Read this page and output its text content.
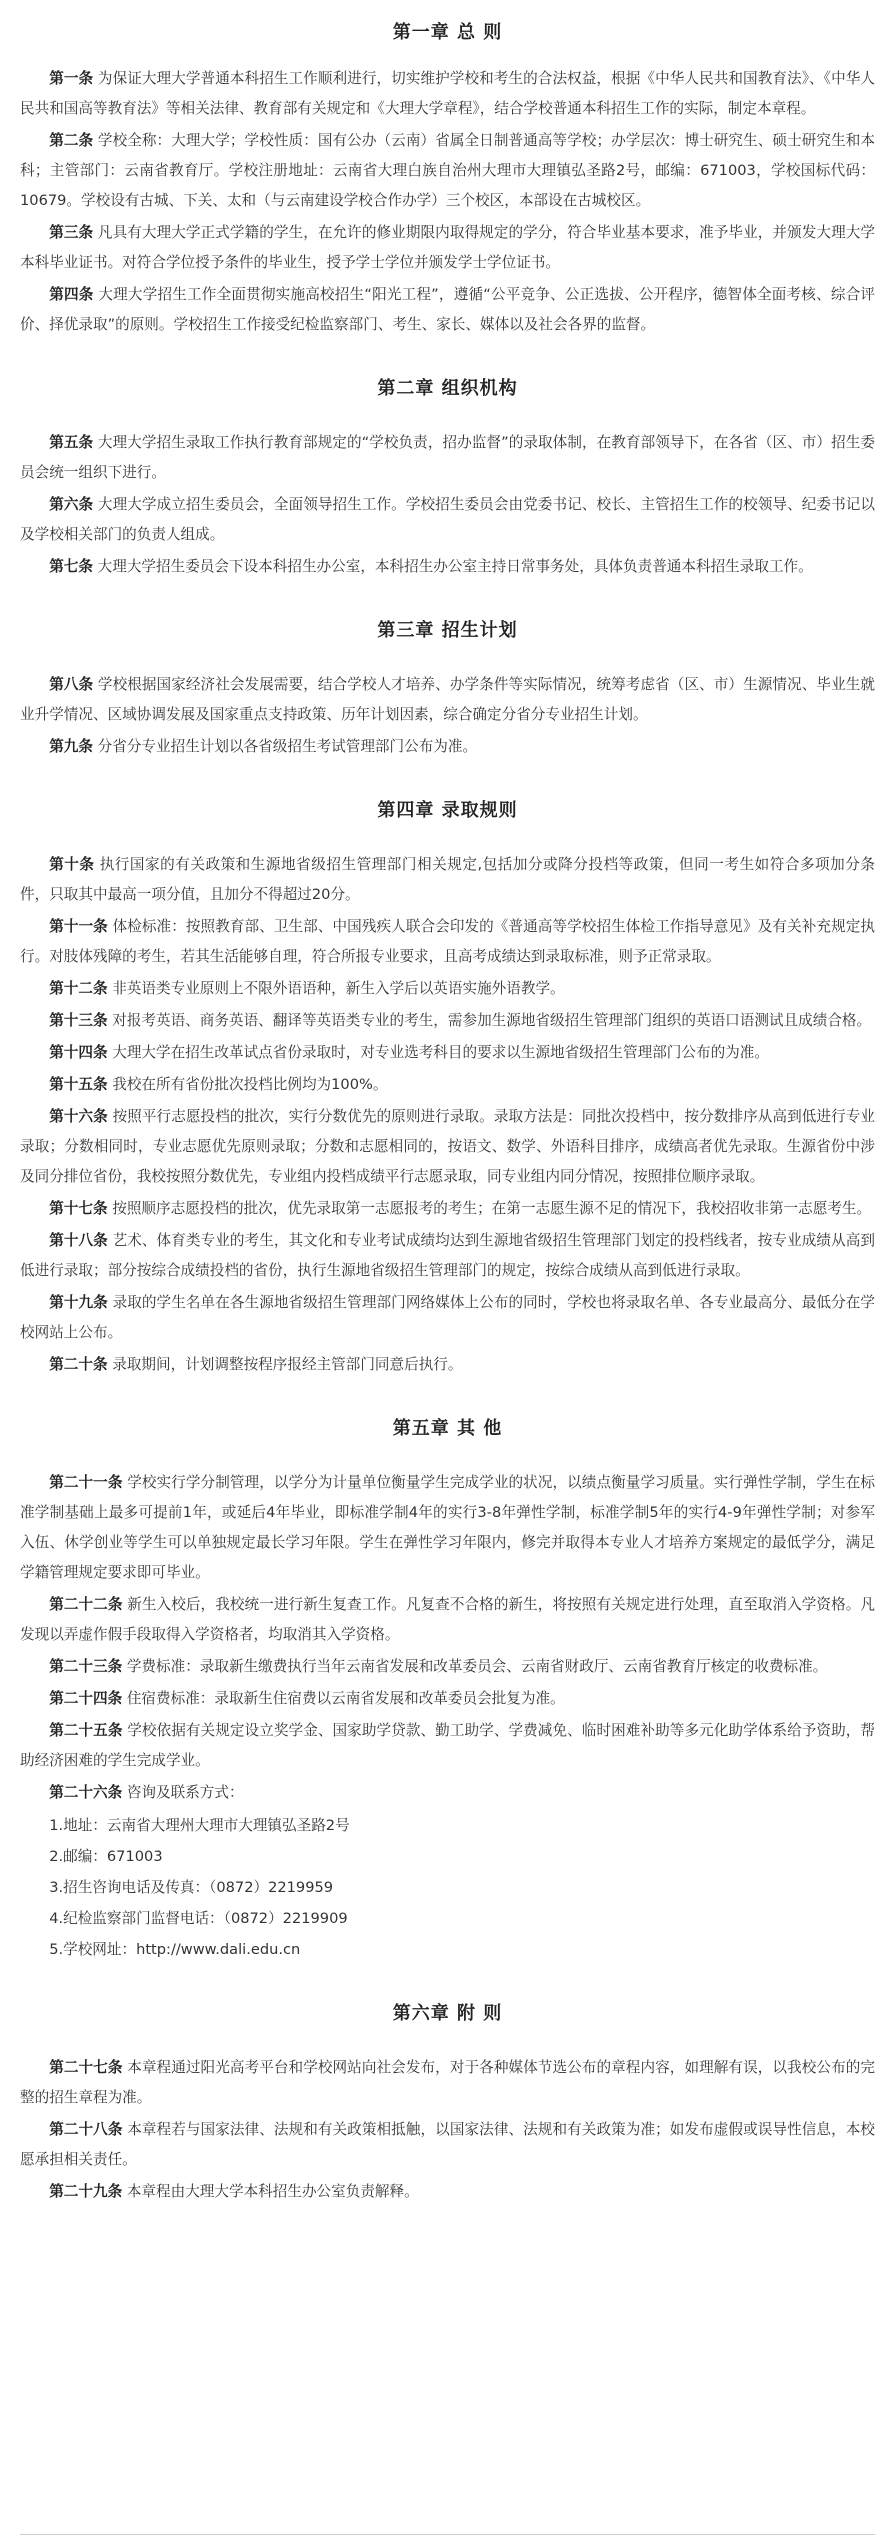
第一章 总 则

第一条 为保证大理大学普通本科招生工作顺利进行，切实维护学校和考生的合法权益，根据《中华人民共和国教育法》、《中华人民共和国高等教育法》等相关法律、教育部有关规定和《大理大学章程》，结合学校普通本科招生工作的实际，制定本章程。

第二条 学校全称：大理大学；学校性质：国有公办（云南）省属全日制普通高等学校；办学层次：博士研究生、硕士研究生和本科；主管部门：云南省教育厅。学校注册地址：云南省大理白族自治州大理市大理镇弘圣路2号，邮编：671003，学校国标代码：10679。学校设有古城、下关、太和（与云南建设学校合作办学）三个校区，本部设在古城校区。

第三条 凡具有大理大学正式学籍的学生，在允许的修业期限内取得规定的学分，符合毕业基本要求，准予毕业，并颁发大理大学本科毕业证书。对符合学位授予条件的毕业生，授予学士学位并颁发学士学位证书。

第四条 大理大学招生工作全面贯彻实施高校招生“阳光工程”，遵循“公平竞争、公正选拔、公开程序，德智体全面考核、综合评价、择优录取”的原则。学校招生工作接受纪检监察部门、考生、家长、媒体以及社会各界的监督。

第二章 组织机构

第五条 大理大学招生录取工作执行教育部规定的“学校负责，招办监督”的录取体制，在教育部领导下，在各省（区、市）招生委员会统一组织下进行。

第六条 大理大学成立招生委员会，全面领导招生工作。学校招生委员会由党委书记、校长、主管招生工作的校领导、纪委书记以及学校相关部门的负责人组成。

第七条 大理大学招生委员会下设本科招生办公室，本科招生办公室主持日常事务处，具体负责普通本科招生录取工作。

第三章 招生计划

第八条 学校根据国家经济社会发展需要，结合学校人才培养、办学条件等实际情况，统筹考虑省（区、市）生源情况、毕业生就业升学情况、区域协调发展及国家重点支持政策、历年计划因素，综合确定分省分专业招生计划。

第九条 分省分专业招生计划以各省级招生考试管理部门公布为准。

第四章 录取规则

第十条 执行国家的有关政策和生源地省级招生管理部门相关规定,包括加分或降分投档等政策，但同一考生如符合多项加分条件，只取其中最高一项分值，且加分不得超过20分。

第十一条 体检标准：按照教育部、卫生部、中国残疾人联合会印发的《普通高等学校招生体检工作指导意见》及有关补充规定执行。对肢体残障的考生，若其生活能够自理，符合所报专业要求，且高考成绩达到录取标准，则予正常录取。

第十二条 非英语类专业原则上不限外语语种，新生入学后以英语实施外语教学。

第十三条 对报考英语、商务英语、翻译等英语类专业的考生，需参加生源地省级招生管理部门组织的英语口语测试且成绩合格。

第十四条 大理大学在招生改革试点省份录取时，对专业选考科目的要求以生源地省级招生管理部门公布的为准。

第十五条 我校在所有省份批次投档比例均为100%。

第十六条 按照平行志愿投档的批次，实行分数优先的原则进行录取。录取方法是：同批次投档中，按分数排序从高到低进行专业录取；分数相同时，专业志愿优先原则录取；分数和志愿相同的，按语文、数学、外语科目排序，成绩高者优先录取。生源省份中涉及同分排位省份，我校按照分数优先，专业组内投档成绩平行志愿录取，同专业组内同分情况，按照排位顺序录取。

第十七条 按照顺序志愿投档的批次，优先录取第一志愿报考的考生；在第一志愿生源不足的情况下，我校招收非第一志愿考生。

第十八条 艺术、体育类专业的考生，其文化和专业考试成绩均达到生源地省级招生管理部门划定的投档线者，按专业成绩从高到低进行录取；部分按综合成绩投档的省份，执行生源地省级招生管理部门的规定，按综合成绩从高到低进行录取。

第十九条 录取的学生名单在各生源地省级招生管理部门网络媒体上公布的同时，学校也将录取名单、各专业最高分、最低分在学校网站上公布。

第二十条 录取期间，计划调整按程序报经主管部门同意后执行。

第五章 其 他

第二十一条 学校实行学分制管理，以学分为计量单位衡量学生完成学业的状况，以绩点衡量学习质量。实行弹性学制，学生在标准学制基础上最多可提前1年，或延后4年毕业，即标准学制4年的实行3-8年弹性学制，标准学制5年的实行4-9年弹性学制；对参军入伍、休学创业等学生可以单独规定最长学习年限。学生在弹性学习年限内，修完并取得本专业人才培养方案规定的最低学分，满足学籍管理规定要求即可毕业。

第二十二条 新生入校后，我校统一进行新生复查工作。凡复查不合格的新生，将按照有关规定进行处理，直至取消入学资格。凡发现以弄虚作假手段取得入学资格者，均取消其入学资格。

第二十三条 学费标准：录取新生缴费执行当年云南省发展和改革委员会、云南省财政厅、云南省教育厅核定的收费标准。

第二十四条 住宿费标准：录取新生住宿费以云南省发展和改革委员会批复为准。

第二十五条 学校依据有关规定设立奖学金、国家助学贷款、勤工助学、学费减免、临时困难补助等多元化助学体系给予资助，帮助经济困难的学生完成学业。

第二十六条 咨询及联系方式：

1.地址：云南省大理州大理市大理镇弘圣路2号

2.邮编：671003

3.招生咨询电话及传真：（0872）2219959

4.纪检监察部门监督电话：（0872）2219909

5.学校网址：http://www.dali.edu.cn

第六章 附 则

第二十七条 本章程通过阳光高考平台和学校网站向社会发布，对于各种媒体节选公布的章程内容，如理解有误，以我校公布的完整的招生章程为准。

第二十八条 本章程若与国家法律、法规和有关政策相抵触，以国家法律、法规和有关政策为准；如发布虚假或误导性信息，本校愿承担相关责任。

第二十九条 本章程由大理大学本科招生办公室负责解释。
